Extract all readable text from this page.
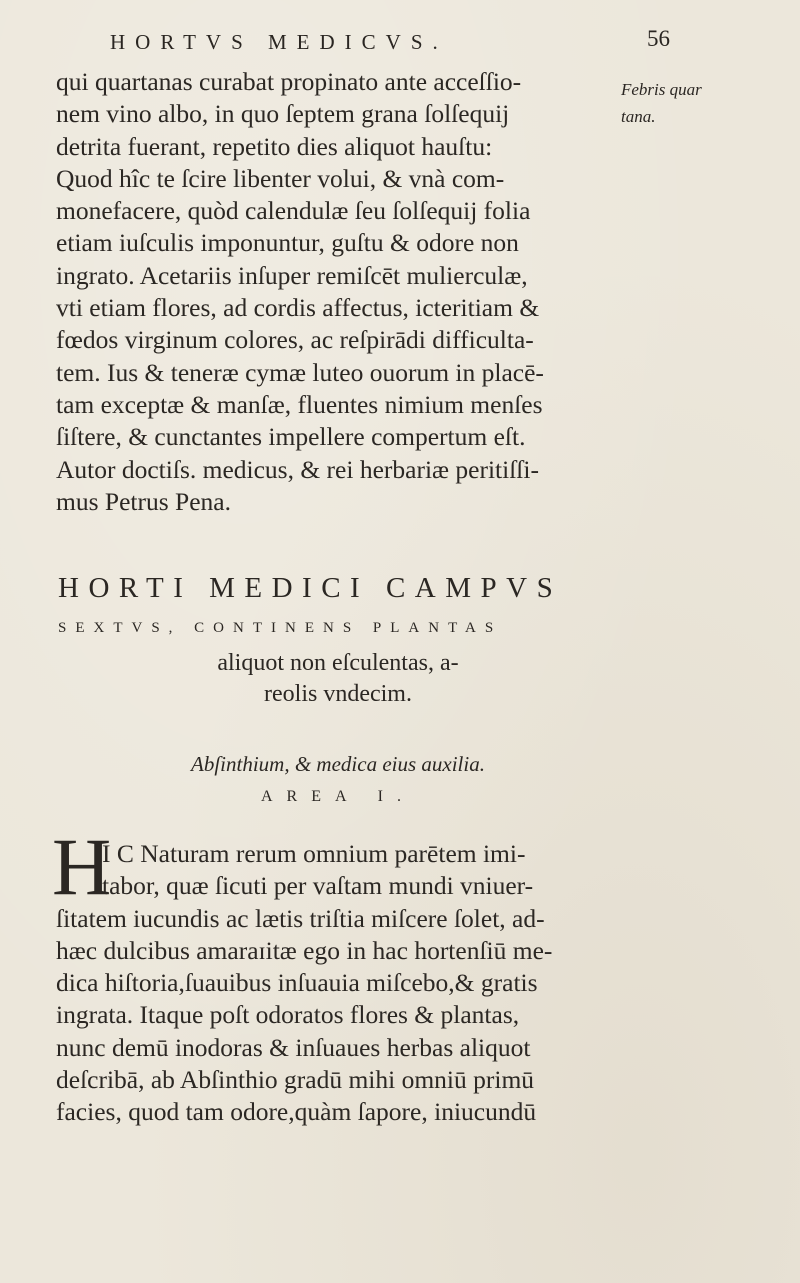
HORTVS MEDICVS.	56
qui quartanas curabat propinato ante acceſſio-
nem vino albo, in quo ſeptem grana ſolſequij
detrita fuerant, repetito dies aliquot hauſtu:
Quod hîc te ſcire libenter volui, & vnà com-
monefacere, quòd calendulæ ſeu ſolſequij folia
etiam iuſculis imponuntur, guſtu & odore non
ingrato. Acetariis inſuper remiſcēt mulierculæ,
vti etiam flores, ad cordis affectus, icteritiam &
fœdos virginum colores, ac reſpirādi difficulta-
tem. Ius & teneræ cymæ luteo ouorum in placē-
tam exceptæ & manſæ, fluentes nimium menſes
ſiſtere, & cunctantes impellere compertum eſt.
Autor doctiſs. medicus, & rei herbariæ peritiſſi-
mus Petrus Pena.
Febris quar
tana.
HORTI MEDICI CAMPVS
SEXTVS, CONTINENS PLANTAS
aliquot non eſculentas, a-
reolis vndecim.
Abſinthium, & medica eius auxilia.
AREA I.
H
I C Naturam rerum omnium parētem imi-
tabor, quæ ſicuti per vaſtam mundi vniuer-
ſitatem iucundis ac lætis triſtia miſcere ſolet, ad-
hæc dulcibus amaraɪitæ ego in hac hortenſiū me-
dica hiſtoria,ſuauibus inſuauia miſcebo,& gratis
ingrata. Itaque poſt odoratos flores & plantas,
nunc demū inodoras & inſuaues herbas aliquot
deſcribā, ab Abſinthio gradū mihi omniū primū
facies, quod tam odore,quàm ſapore, iniucundū
